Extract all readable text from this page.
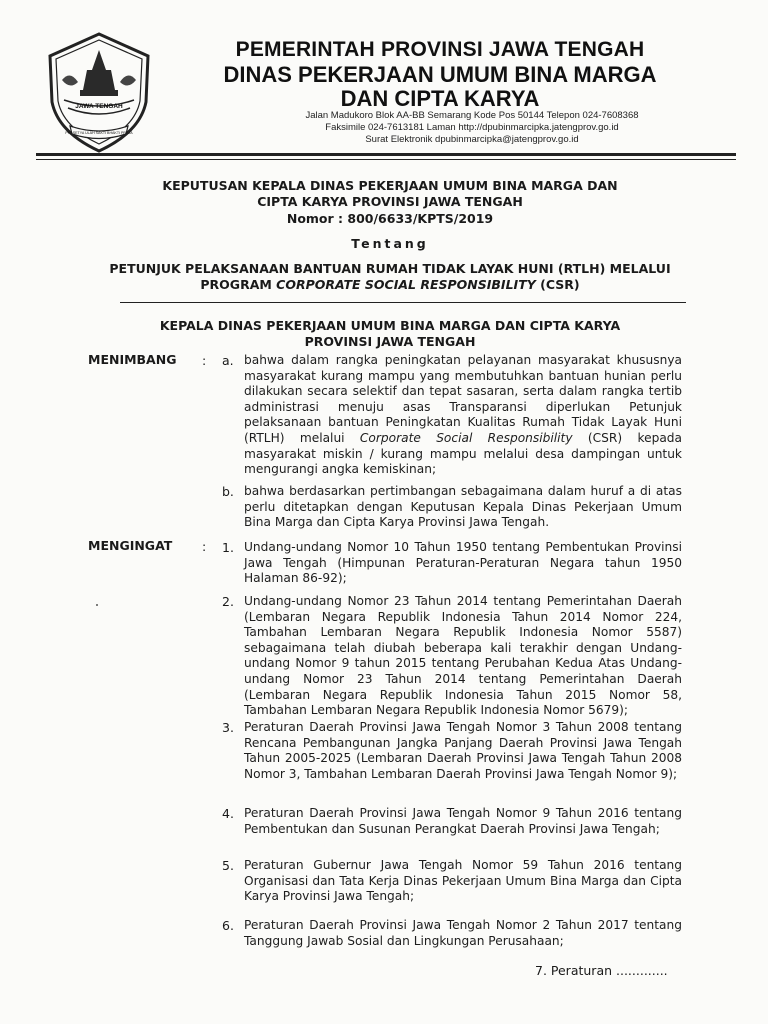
JAWA TENGAH
PRASETYA ULAH SAKTI BHAKTI PRAJA
PEMERINTAH PROVINSI JAWA TENGAH
DINAS PEKERJAAN UMUM BINA MARGA
DAN CIPTA KARYA
Jalan Madukoro Blok AA-BB Semarang Kode Pos 50144 Telepon 024-7608368
Faksimile 024-7613181 Laman http://dpubinmarcipka.jatengprov.go.id
Surat Elektronik dpubinmarcipka@jatengprov.go.id
KEPUTUSAN KEPALA DINAS PEKERJAAN UMUM BINA MARGA DAN
CIPTA KARYA PROVINSI JAWA TENGAH
Nomor : 800/6633/KPTS/2019
Tentang
PETUNJUK PELAKSANAAN BANTUAN RUMAH TIDAK LAYAK HUNI (RTLH) MELALUI
PROGRAM CORPORATE SOCIAL RESPONSIBILITY (CSR)
KEPALA DINAS PEKERJAAN UMUM BINA MARGA DAN CIPTA KARYA
PROVINSI JAWA TENGAH
MENIMBANG : a. bahwa dalam rangka peningkatan pelayanan masyarakat khususnya masyarakat kurang mampu yang membutuhkan bantuan hunian perlu dilakukan secara selektif dan tepat sasaran, serta dalam rangka tertib administrasi menuju asas Transparansi diperlukan Petunjuk pelaksanaan bantuan Peningkatan Kualitas Rumah Tidak Layak Huni (RTLH) melalui Corporate Social Responsibility (CSR) kepada masyarakat miskin / kurang mampu melalui desa dampingan untuk mengurangi angka kemiskinan;
b. bahwa berdasarkan pertimbangan sebagaimana dalam huruf a di atas perlu ditetapkan dengan Keputusan Kepala Dinas Pekerjaan Umum Bina Marga dan Cipta Karya Provinsi Jawa Tengah.
MENGINGAT : 1. Undang-undang Nomor 10 Tahun 1950 tentang Pembentukan Provinsi Jawa Tengah (Himpunan Peraturan-Peraturan Negara tahun 1950 Halaman 86-92);
2. Undang-undang Nomor 23 Tahun 2014 tentang Pemerintahan Daerah (Lembaran Negara Republik Indonesia Tahun 2014 Nomor 224, Tambahan Lembaran Negara Republik Indonesia Nomor 5587) sebagaimana telah diubah beberapa kali terakhir dengan Undang-undang Nomor 9 tahun 2015 tentang Perubahan Kedua Atas Undang-undang Nomor 23 Tahun 2014 tentang Pemerintahan Daerah (Lembaran Negara Republik Indonesia Tahun 2015 Nomor 58, Tambahan Lembaran Negara Republik Indonesia Nomor 5679);
3. Peraturan Daerah Provinsi Jawa Tengah Nomor 3 Tahun 2008 tentang Rencana Pembangunan Jangka Panjang Daerah Provinsi Jawa Tengah Tahun 2005-2025 (Lembaran Daerah Provinsi Jawa Tengah Tahun 2008 Nomor 3, Tambahan Lembaran Daerah Provinsi Jawa Tengah Nomor 9);
4. Peraturan Daerah Provinsi Jawa Tengah Nomor 9 Tahun 2016 tentang Pembentukan dan Susunan Perangkat Daerah Provinsi Jawa Tengah;
5. Peraturan Gubernur Jawa Tengah Nomor 59 Tahun 2016 tentang Organisasi dan Tata Kerja Dinas Pekerjaan Umum Bina Marga dan Cipta Karya Provinsi Jawa Tengah;
6. Peraturan Daerah Provinsi Jawa Tengah Nomor 2 Tahun 2017 tentang Tanggung Jawab Sosial dan Lingkungan Perusahaan;
7. Peraturan .............
